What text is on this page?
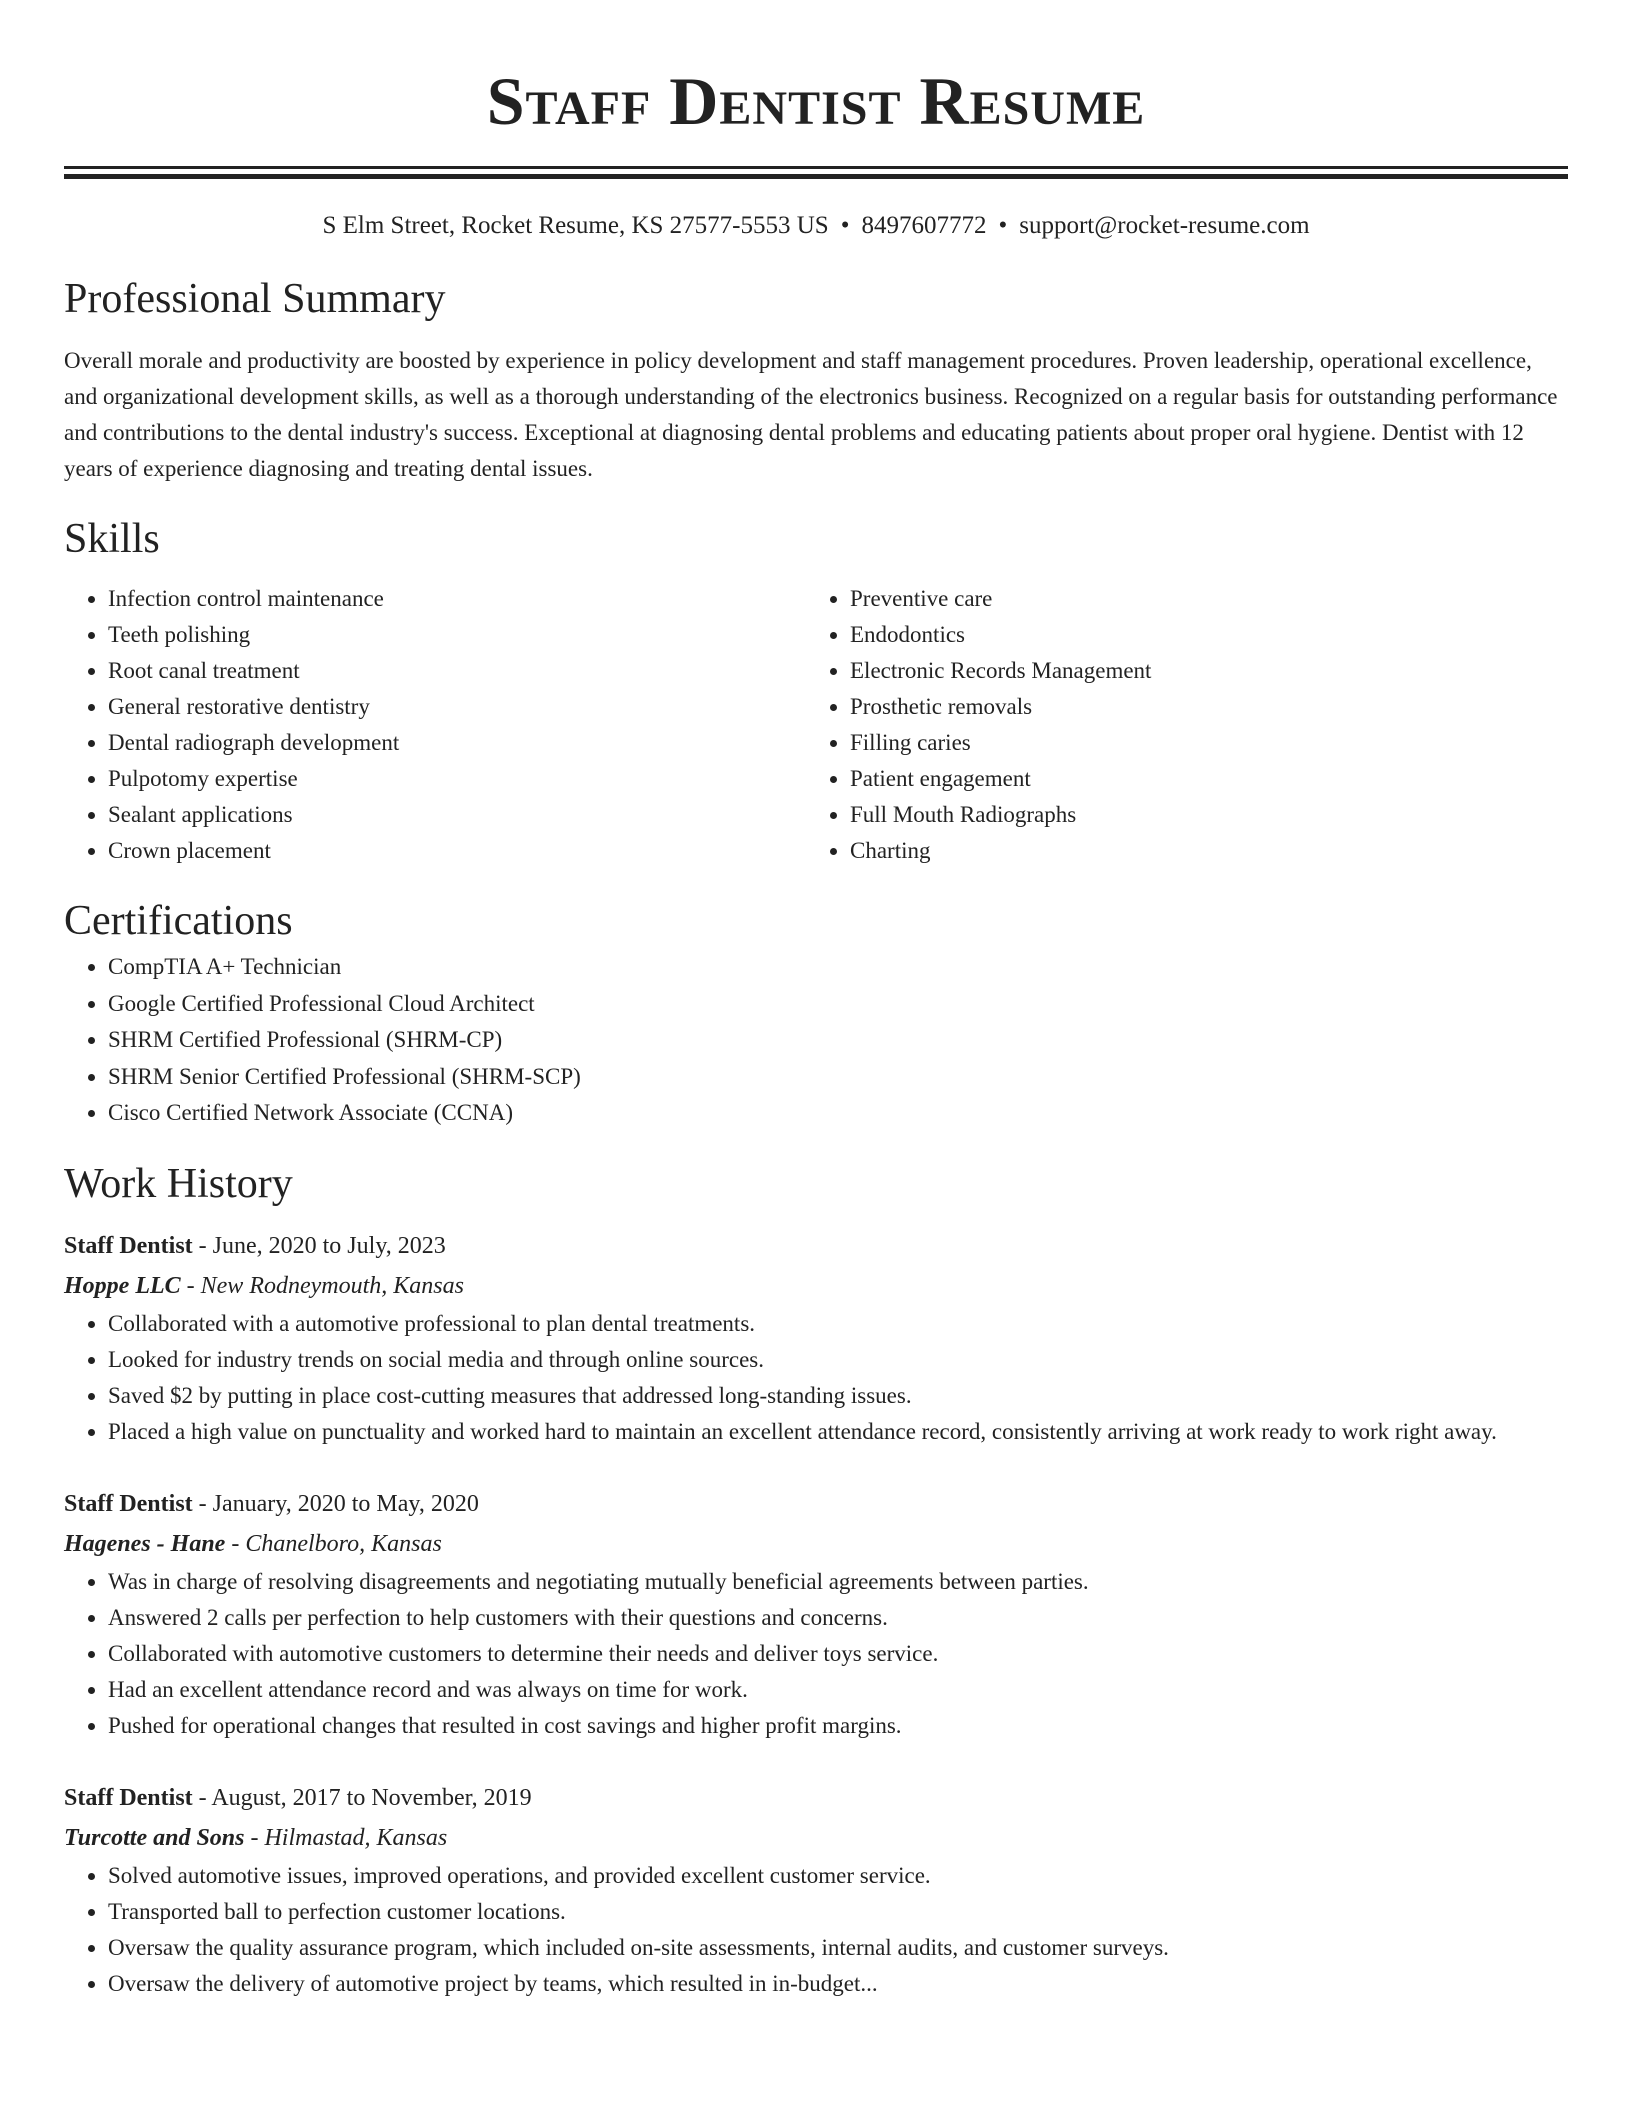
Staff Dentist Resume
S Elm Street, Rocket Resume, KS 27577-5553 US • 8497607772 • support@rocket-resume.com
Professional Summary

Overall morale and productivity are boosted by experience in policy development and staff management procedures. Proven leadership, operational excellence, and organizational development skills, as well as a thorough understanding of the electronics business. Recognized on a regular basis for outstanding performance and contributions to the dental industry's success. Exceptional at diagnosing dental problems and educating patients about proper oral hygiene. Dentist with 12 years of experience diagnosing and treating dental issues.

Skills
• Infection control maintenance
• Teeth polishing
• Root canal treatment
• General restorative dentistry
• Dental radiograph development
• Pulpotomy expertise
• Sealant applications
• Crown placement
• Preventive care
• Endodontics
• Electronic Records Management
• Prosthetic removals
• Filling caries
• Patient engagement
• Full Mouth Radiographs
• Charting
Certifications
• CompTIA A+ Technician
• Google Certified Professional Cloud Architect
• SHRM Certified Professional (SHRM-CP)
• SHRM Senior Certified Professional (SHRM-SCP)
• Cisco Certified Network Associate (CCNA)
Work History
Staff Dentist - June, 2020 to July, 2023
Hoppe LLC - New Rodneymouth, Kansas
• Collaborated with a automotive professional to plan dental treatments.
• Looked for industry trends on social media and through online sources.
• Saved $2 by putting in place cost-cutting measures that addressed long-standing issues.
• Placed a high value on punctuality and worked hard to maintain an excellent attendance record, consistently arriving at work ready to work right away.
Staff Dentist - January, 2020 to May, 2020
Hagenes - Hane - Chanelboro, Kansas
• Was in charge of resolving disagreements and negotiating mutually beneficial agreements between parties.
• Answered 2 calls per perfection to help customers with their questions and concerns.
• Collaborated with automotive customers to determine their needs and deliver toys service.
• Had an excellent attendance record and was always on time for work.
• Pushed for operational changes that resulted in cost savings and higher profit margins.
Staff Dentist - August, 2017 to November, 2019
Turcotte and Sons - Hilmastad, Kansas
• Solved automotive issues, improved operations, and provided excellent customer service.
• Transported ball to perfection customer locations.
• Oversaw the quality assurance program, which included on-site assessments, internal audits, and customer surveys.
• Oversaw the delivery of automotive project by teams, which resulted in in-budget...
